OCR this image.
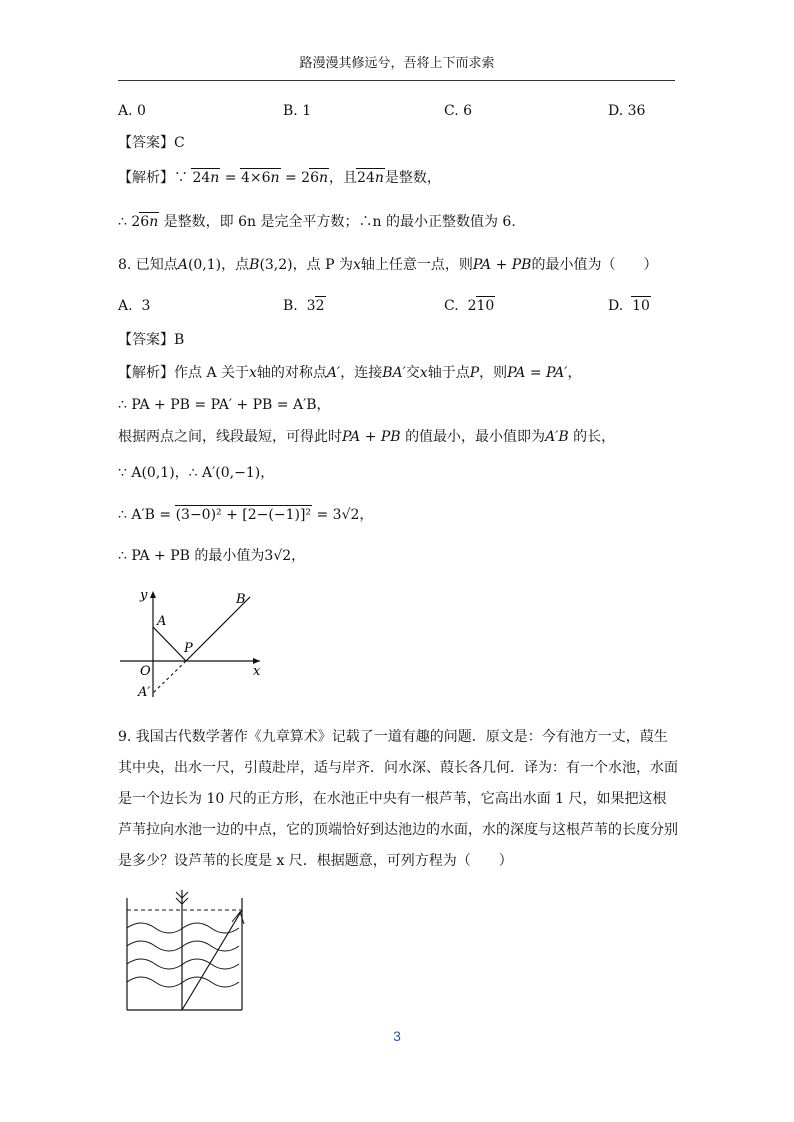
路漫漫其修远兮，吾将上下而求索
A. 0	B. 1	C. 6	D. 36
【答案】C
【解析】∵ 24n = 4×6n = 26n，且24n是整数，
∴ 26n 是整数，即 6n 是完全平方数；∴n 的最小正整数值为 6.
8. 已知点A(0,1)，点B(3,2)，点 P 为x轴上任意一点，则PA + PB的最小值为（　　）
A. 3	B. 32	C. 210	D. 10
【答案】B
【解析】作点 A 关于x轴的对称点A′，连接BA′交x轴于点P，则PA = PA′，
∴ PA + PB = PA′ + PB = A′B，
根据两点之间，线段最短，可得此时PA + PB 的值最小，最小值即为A′B 的长，
∵ A(0,1)，∴ A′(0,−1)，
∴ A′B = (3−0)² + [2−(−1)]² = 3√2，
∴ PA + PB 的最小值为3√2，
y
x
A
B
P
O
A′
9. 我国古代数学著作《九章算术》记载了一道有趣的问题．原文是：今有池方一丈，葭生其中央，出水一尺，引葭赴岸，适与岸齐．问水深、葭长各几何．译为：有一个水池，水面是一个边长为 10 尺的正方形，在水池正中央有一根芦苇，它高出水面 1 尺，如果把这根芦苇拉向水池一边的中点，它的顶端恰好到达池边的水面，水的深度与这根芦苇的长度分别是多少？设芦苇的长度是 x 尺．根据题意，可列方程为（　　）
3
